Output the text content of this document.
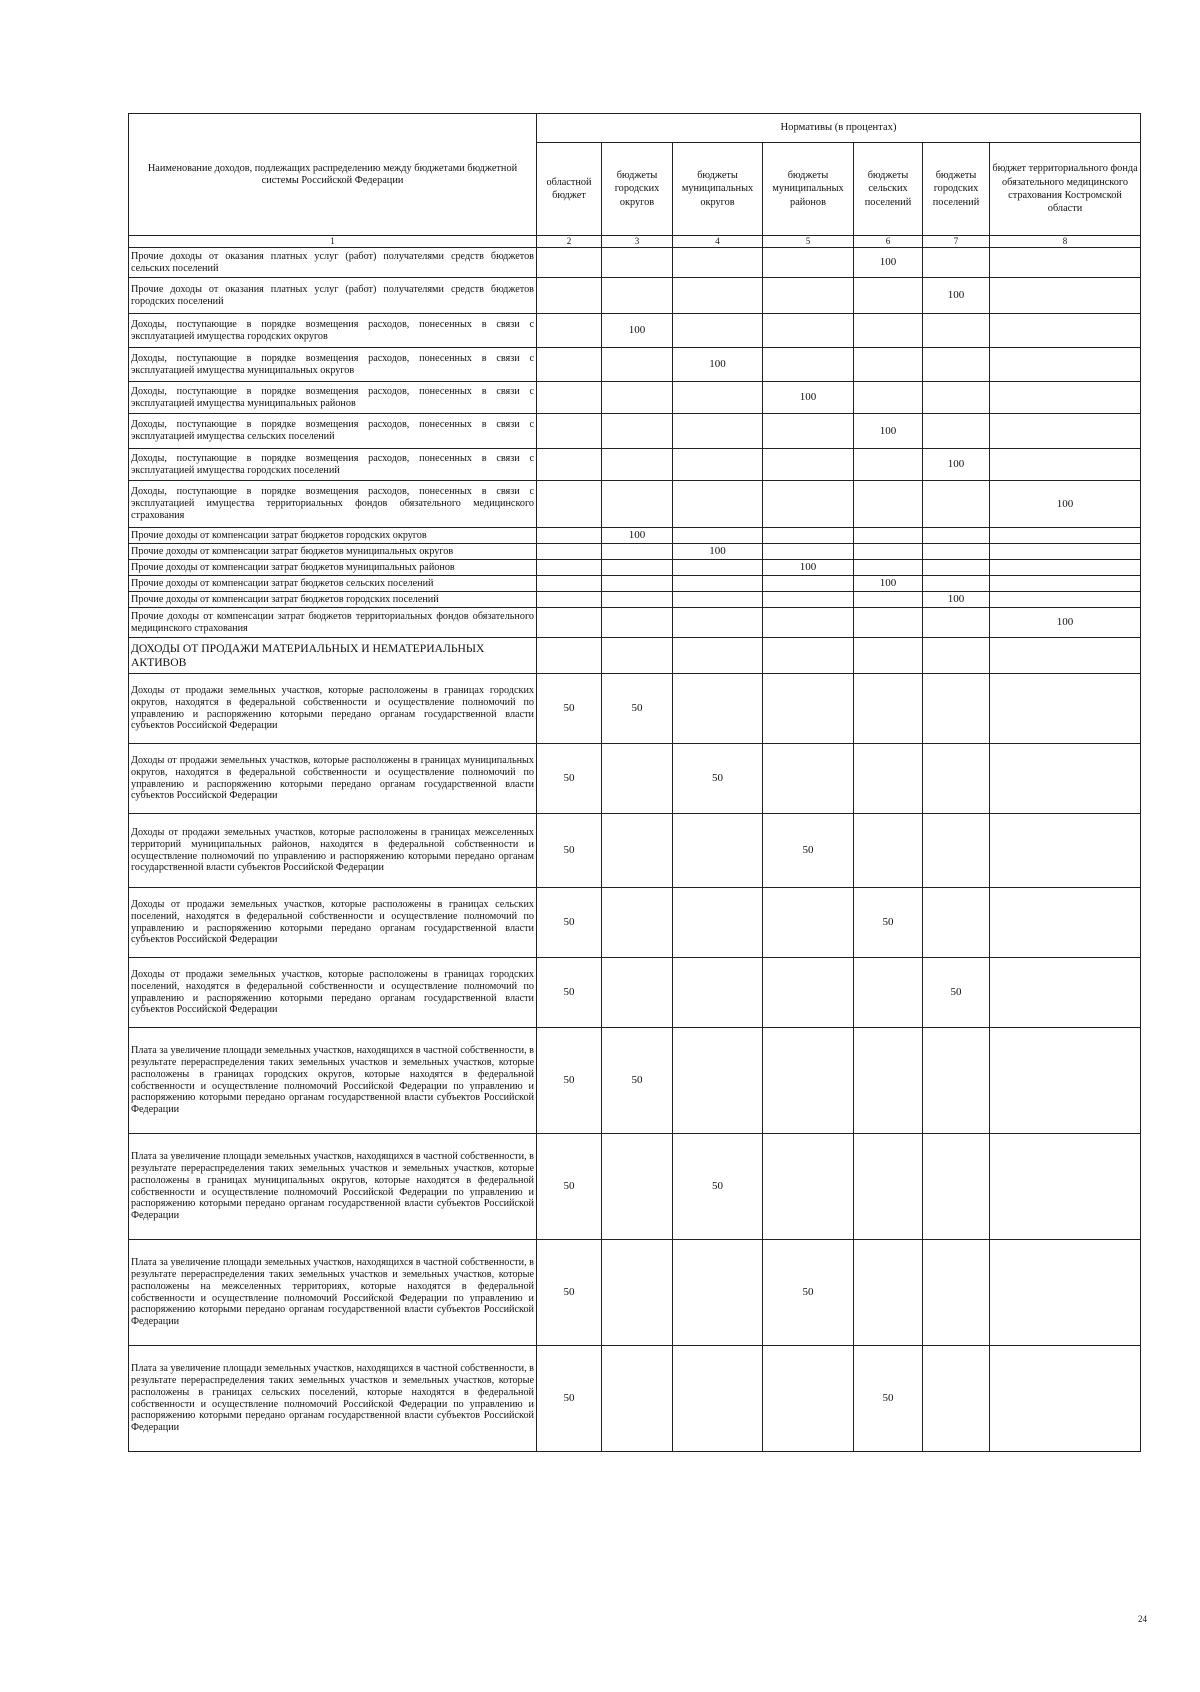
Наименование доходов, подлежащих распределению между бюджетами бюджетной системы Российской Федерации	Нормативы (в процентах)						
	областной бюджет	бюджеты городских округов	бюджеты муниципальных округов	бюджеты муниципальных районов	бюджеты сельских поселений	бюджеты городских поселений	бюджет территориального фонда обязательного медицинского страхования Костромской области
1	2	3	4	5	6	7	8
Прочие доходы от оказания платных услуг (работ) получателями средств бюджетов сельских поселений					100		
Прочие доходы от оказания платных услуг (работ) получателями средств бюджетов городских поселений						100	
Доходы, поступающие в порядке возмещения расходов, понесенных в связи с эксплуатацией имущества городских округов		100					
Доходы, поступающие в порядке возмещения расходов, понесенных в связи с эксплуатацией имущества муниципальных округов			100				
Доходы, поступающие в порядке возмещения расходов, понесенных в связи с эксплуатацией имущества муниципальных районов				100			
Доходы, поступающие в порядке возмещения расходов, понесенных в связи с эксплуатацией имущества сельских поселений					100		
Доходы, поступающие в порядке возмещения расходов, понесенных в связи с эксплуатацией имущества городских поселений						100	
Доходы, поступающие в порядке возмещения расходов, понесенных в связи с эксплуатацией имущества территориальных фондов обязательного медицинского страхования							100
Прочие доходы от компенсации затрат бюджетов городских округов		100					
Прочие доходы от компенсации затрат бюджетов муниципальных округов			100				
Прочие доходы от компенсации затрат бюджетов муниципальных районов				100			
Прочие доходы от компенсации затрат бюджетов сельских поселений					100		
Прочие доходы от компенсации затрат бюджетов городских поселений						100	
Прочие доходы от компенсации затрат бюджетов территориальных фондов обязательного медицинского страхования							100
ДОХОДЫ ОТ ПРОДАЖИ МАТЕРИАЛЬНЫХ И НЕМАТЕРИАЛЬНЫХ АКТИВОВ							
Доходы от продажи земельных участков, которые расположены в границах городских округов, находятся в федеральной собственности и осуществление полномочий по управлению и распоряжению которыми передано органам государственной власти субъектов Российской Федерации	50	50					
Доходы от продажи земельных участков, которые расположены в границах муниципальных округов, находятся в федеральной собственности и осуществление полномочий по управлению и распоряжению которыми передано органам государственной власти субъектов Российской Федерации	50		50				
Доходы от продажи земельных участков, которые расположены в границах межселенных территорий муниципальных районов, находятся в федеральной собственности и осуществление полномочий по управлению и распоряжению которыми передано органам государственной власти субъектов Российской Федерации	50			50			
Доходы от продажи земельных участков, которые расположены в границах сельских поселений, находятся в федеральной собственности и осуществление полномочий по управлению и распоряжению которыми передано органам государственной власти субъектов Российской Федерации	50				50		
Доходы от продажи земельных участков, которые расположены в границах городских поселений, находятся в федеральной собственности и осуществление полномочий по управлению и распоряжению которыми передано органам государственной власти субъектов Российской Федерации	50					50	
Плата за увеличение площади земельных участков, находящихся в частной собственности, в результате перераспределения таких земельных участков и земельных участков, которые расположены в границах городских округов, которые находятся в федеральной собственности и осуществление полномочий Российской Федерации по управлению и распоряжению которыми передано органам государственной власти субъектов Российской Федерации	50	50					
Плата за увеличение площади земельных участков, находящихся в частной собственности, в результате перераспределения таких земельных участков и земельных участков, которые расположены в границах муниципальных округов, которые находятся в федеральной собственности и осуществление полномочий Российской Федерации по управлению и распоряжению которыми передано органам государственной власти субъектов Российской Федерации	50		50				
Плата за увеличение площади земельных участков, находящихся в частной собственности, в результате перераспределения таких земельных участков и земельных участков, которые расположены на межселенных территориях, которые находятся в федеральной собственности и осуществление полномочий Российской Федерации по управлению и распоряжению которыми передано органам государственной власти субъектов Российской Федерации	50			50			
Плата за увеличение площади земельных участков, находящихся в частной собственности, в результате перераспределения таких земельных участков и земельных участков, которые расположены в границах сельских поселений, которые находятся в федеральной собственности и осуществление полномочий Российской Федерации по управлению и распоряжению которыми передано органам государственной власти субъектов Российской Федерации	50				50		
24
